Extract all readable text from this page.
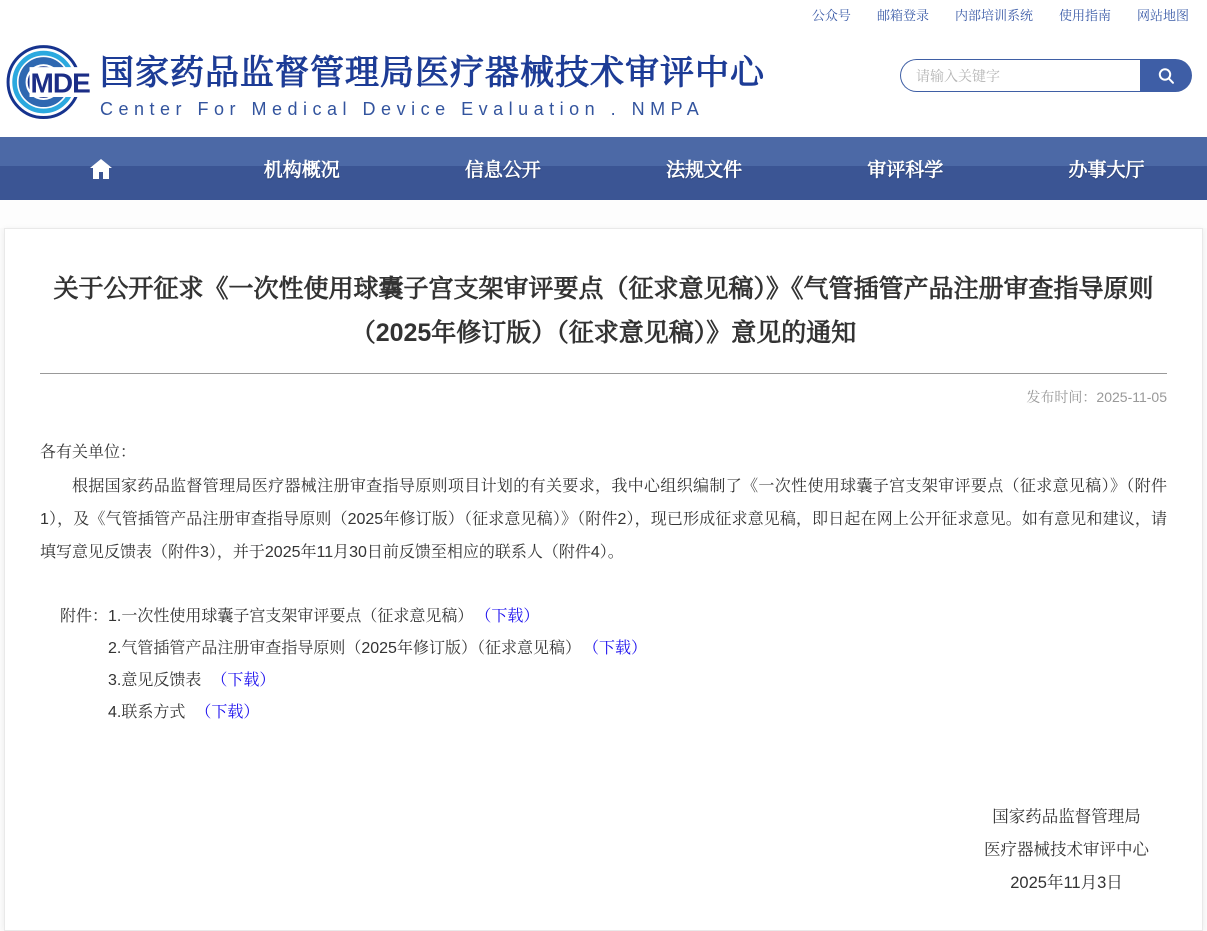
公众号 邮箱登录 内部培训系统 使用指南 网站地图
MDE 国家药品监督管理局医疗器械技术审评中心
Center For Medical Device Evaluation . NMPA
请输入关键字
机构概况	信息公开	法规文件	审评科学	办事大厅
关于公开征求《一次性使用球囊子宫支架审评要点（征求意见稿）》《气管插管产品注册审查指导原则（2025年修订版）（征求意见稿）》意见的通知
发布时间：2025-11-05
各有关单位：

根据国家药品监督管理局医疗器械注册审查指导原则项目计划的有关要求，我中心组织编制了《一次性使用球囊子宫支架审评要点（征求意见稿）》（附件1），及《气管插管产品注册审查指导原则（2025年修订版）（征求意见稿）》（附件2），现已形成征求意见稿，即日起在网上公开征求意见。如有意见和建议，请填写意见反馈表（附件3），并于2025年11月30日前反馈至相应的联系人（附件4）。

附件： 1.一次性使用球囊子宫支架审评要点（征求意见稿） （下载）
2.气管插管产品注册审查指导原则（2025年修订版）（征求意见稿） （下载）
3.意见反馈表 （下载）
4.联系方式 （下载）
国家药品监督管理局
医疗器械技术审评中心
2025年11月3日
